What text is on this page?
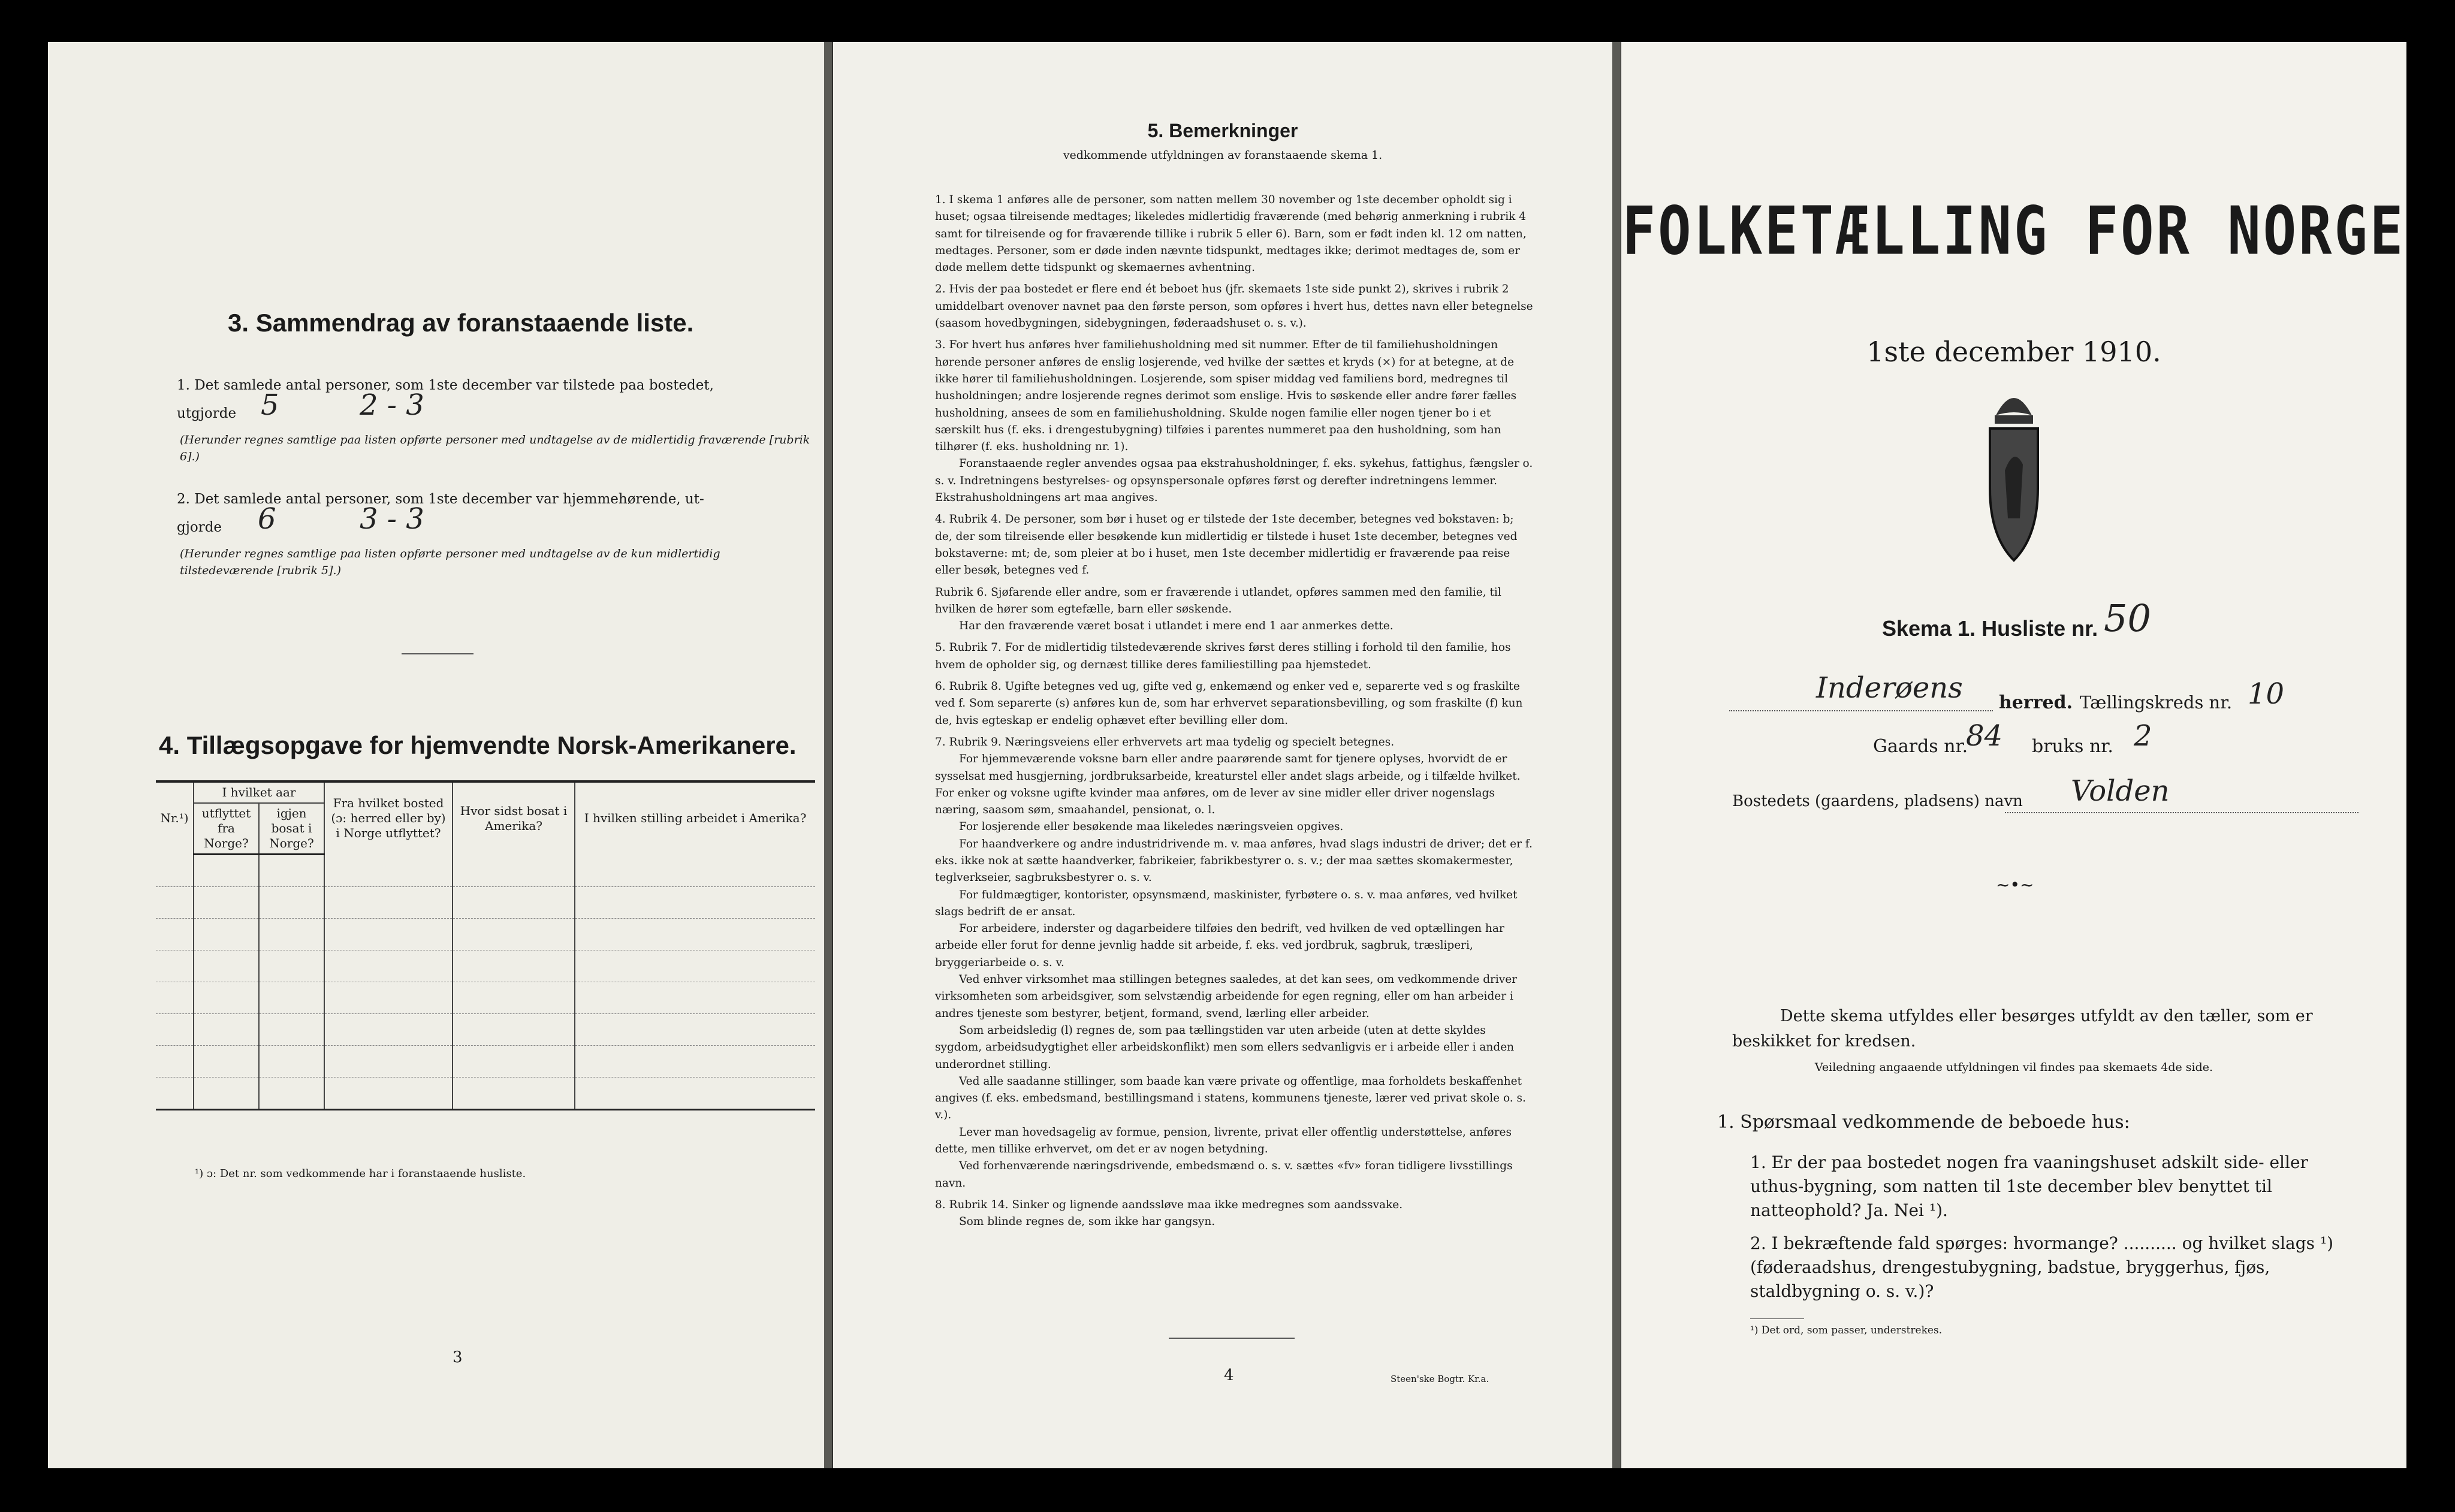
3. Sammendrag av foranstaaende liste.
1. Det samlede antal personer, som 1ste december var tilstede paa bostedet,
utgjorde 5	2 - 3
(Herunder regnes samtlige paa listen opførte personer med undtagelse av de midlertidig fraværende [rubrik 6].)
2. Det samlede antal personer, som 1ste december var hjemmehørende, ut-
gjorde 6	3 - 3
(Herunder regnes samtlige paa listen opførte personer med undtagelse av de kun midlertidig tilstedeværende [rubrik 5].)
4. Tillægsopgave for hjemvendte Norsk-Amerikanere.
Nr.¹)	I hvilket aar		Fra hvilket bosted (ɔ: herred eller by) i Norge utflyttet?	Hvor sidst bosat i Amerika?	I hvilken stilling arbeidet i Amerika?
	utflyttet fra Norge?	igjen bosat i Norge?			

¹) ɔ: Det nr. som vedkommende har i foranstaaende husliste.
3
5. Bemerkninger
vedkommende utfyldningen av foranstaaende skema 1.

1. I skema 1 anføres alle de personer, som natten mellem 30 november og 1ste december opholdt sig i huset; ogsaa tilreisende medtages; likeledes midlertidig fraværende (med behørig anmerkning i rubrik 4 samt for tilreisende og for fraværende tillike i rubrik 5 eller 6). Barn, som er født inden kl. 12 om natten, medtages. Personer, som er døde inden nævnte tidspunkt, medtages ikke; derimot medtages de, som er døde mellem dette tidspunkt og skemaernes avhentning.

2. Hvis der paa bostedet er flere end ét beboet hus (jfr. skemaets 1ste side punkt 2), skrives i rubrik 2 umiddelbart ovenover navnet paa den første person, som opføres i hvert hus, dettes navn eller betegnelse (saasom hovedbygningen, sidebygningen, føderaadshuset o. s. v.).

3. For hvert hus anføres hver familiehusholdning med sit nummer. Efter de til familiehusholdningen hørende personer anføres de enslig losjerende, ved hvilke der sættes et kryds (×) for at betegne, at de ikke hører til familiehusholdningen. Losjerende, som spiser middag ved familiens bord, medregnes til husholdningen; andre losjerende regnes derimot som enslige. Hvis to søskende eller andre fører fælles husholdning, ansees de som en familiehusholdning. Skulde nogen familie eller nogen tjener bo i et særskilt hus (f. eks. i drengestubygning) tilføies i parentes nummeret paa den husholdning, som han tilhører (f. eks. husholdning nr. 1).

Foranstaaende regler anvendes ogsaa paa ekstrahusholdninger, f. eks. sykehus, fattighus, fængsler o. s. v. Indretningens bestyrelses- og opsynspersonale opføres først og derefter indretningens lemmer. Ekstrahusholdningens art maa angives.

4. Rubrik 4. De personer, som bør i huset og er tilstede der 1ste december, betegnes ved bokstaven: b; de, der som tilreisende eller besøkende kun midlertidig er tilstede i huset 1ste december, betegnes ved bokstaverne: mt; de, som pleier at bo i huset, men 1ste december midlertidig er fraværende paa reise eller besøk, betegnes ved f.

Rubrik 6. Sjøfarende eller andre, som er fraværende i utlandet, opføres sammen med den familie, til hvilken de hører som egtefælle, barn eller søskende.

Har den fraværende været bosat i utlandet i mere end 1 aar anmerkes dette.

5. Rubrik 7. For de midlertidig tilstedeværende skrives først deres stilling i forhold til den familie, hos hvem de opholder sig, og dernæst tillike deres familiestilling paa hjemstedet.

6. Rubrik 8. Ugifte betegnes ved ug, gifte ved g, enkemænd og enker ved e, separerte ved s og fraskilte ved f. Som separerte (s) anføres kun de, som har erhvervet separationsbevilling, og som fraskilte (f) kun de, hvis egteskap er endelig ophævet efter bevilling eller dom.

7. Rubrik 9. Næringsveiens eller erhvervets art maa tydelig og specielt betegnes.

For hjemmeværende voksne barn eller andre paarørende samt for tjenere oplyses, hvorvidt de er sysselsat med husgjerning, jordbruksarbeide, kreaturstel eller andet slags arbeide, og i tilfælde hvilket. For enker og voksne ugifte kvinder maa anføres, om de lever av sine midler eller driver nogenslags næring, saasom søm, smaahandel, pensionat, o. l.

For losjerende eller besøkende maa likeledes næringsveien opgives.

For haandverkere og andre industridrivende m. v. maa anføres, hvad slags industri de driver; det er f. eks. ikke nok at sætte haandverker, fabrikeier, fabrikbestyrer o. s. v.; der maa sættes skomakermester, teglverkseier, sagbruksbestyrer o. s. v.

For fuldmægtiger, kontorister, opsynsmænd, maskinister, fyrbøtere o. s. v. maa anføres, ved hvilket slags bedrift de er ansat.

For arbeidere, inderster og dagarbeidere tilføies den bedrift, ved hvilken de ved optællingen har arbeide eller forut for denne jevnlig hadde sit arbeide, f. eks. ved jordbruk, sagbruk, træsliperi, bryggeriarbeide o. s. v.

Ved enhver virksomhet maa stillingen betegnes saaledes, at det kan sees, om vedkommende driver virksomheten som arbeidsgiver, som selvstændig arbeidende for egen regning, eller om han arbeider i andres tjeneste som bestyrer, betjent, formand, svend, lærling eller arbeider.

Som arbeidsledig (l) regnes de, som paa tællingstiden var uten arbeide (uten at dette skyldes sygdom, arbeidsudygtighet eller arbeidskonflikt) men som ellers sedvanligvis er i arbeide eller i anden underordnet stilling.

Ved alle saadanne stillinger, som baade kan være private og offentlige, maa forholdets beskaffenhet angives (f. eks. embedsmand, bestillingsmand i statens, kommunens tjeneste, lærer ved privat skole o. s. v.).

Lever man hovedsagelig av formue, pension, livrente, privat eller offentlig understøttelse, anføres dette, men tillike erhvervet, om det er av nogen betydning.

Ved forhenværende næringsdrivende, embedsmænd o. s. v. sættes «fv» foran tidligere livsstillings navn.

8. Rubrik 14. Sinker og lignende aandssløve maa ikke medregnes som aandssvake.

Som blinde regnes de, som ikke har gangsyn.

4	Steen'ske Bogtr. Kr.a.
FOLKETÆLLING FOR NORGE
1ste december 1910.
Skema 1. Husliste nr. 50
Inderøens herred. Tællingskreds nr. 10
Gaards nr.
84 bruks nr. 2
Bostedets (gaardens, pladsens) navn Volden
~•~
Dette skema utfyldes eller besørges utfyldt av den tæller, som er beskikket for kredsen.
Veiledning angaaende utfyldningen vil findes paa skemaets 4de side.
1. Spørsmaal vedkommende de beboede hus:
1. Er der paa bostedet nogen fra vaaningshuset adskilt side- eller uthus-bygning, som natten til 1ste december blev benyttet til natteophold? Ja. Nei ¹).
2. I bekræftende fald spørges: hvormange? .......... og hvilket slags ¹) (føderaadshus, drengestubygning, badstue, bryggerhus, fjøs, staldbygning o. s. v.)?
¹) Det ord, som passer, understrekes.
